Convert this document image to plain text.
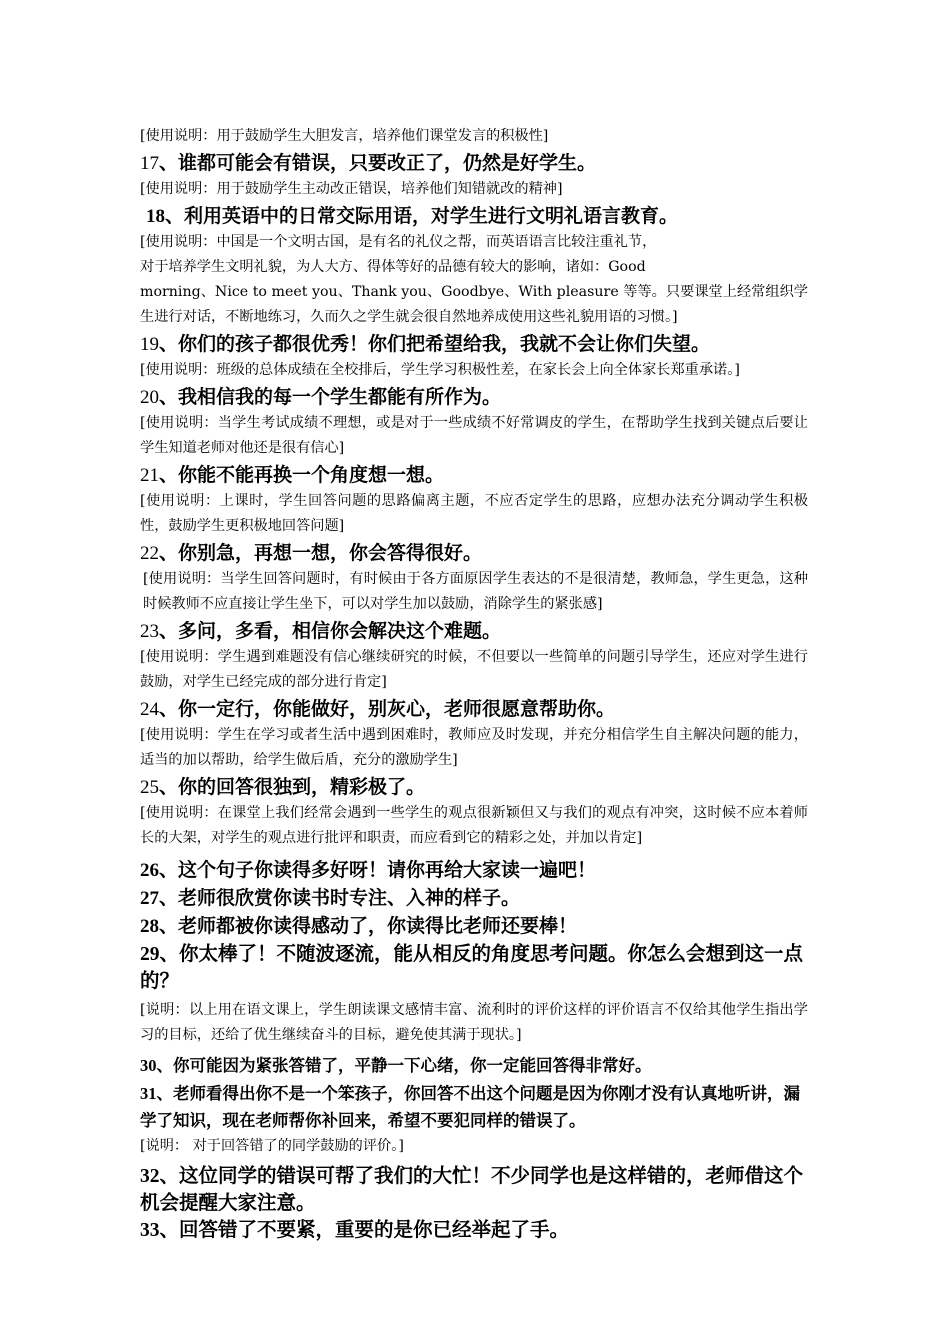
[使用说明：用于鼓励学生大胆发言，培养他们课堂发言的积极性]

17、谁都可能会有错误，只要改正了，仍然是好学生。

[使用说明：用于鼓励学生主动改正错误，培养他们知错就改的精神]

18、利用英语中的日常交际用语，对学生进行文明礼语言教育。

[使用说明：中国是一个文明古国，是有名的礼仪之帮，而英语语言比较注重礼节，

对于培养学生文明礼貌，为人大方、得体等好的品德有较大的影响，诸如：Good

morning、Nice to meet you、Thank you、Goodbye、With pleasure 等等。只要课堂上经常组织学生进行对话，不断地练习，久而久之学生就会很自然地养成使用这些礼貌用语的习惯。]

19、你们的孩子都很优秀！你们把希望给我，我就不会让你们失望。

[使用说明：班级的总体成绩在全校排后，学生学习积极性差，在家长会上向全体家长郑重承诺。]

20、我相信我的每一个学生都能有所作为。

[使用说明：当学生考试成绩不理想，或是对于一些成绩不好常调皮的学生，在帮助学生找到关键点后要让学生知道老师对他还是很有信心]

21、你能不能再换一个角度想一想。

[使用说明：上课时，学生回答问题的思路偏离主题，不应否定学生的思路，应想办法充分调动学生积极性，鼓励学生更积极地回答问题]

22、你别急，再想一想，你会答得很好。

[使用说明：当学生回答问题时，有时候由于各方面原因学生表达的不是很清楚，教师急，学生更急，这种时候教师不应直接让学生坐下，可以对学生加以鼓励，消除学生的紧张感]

23、多问，多看，相信你会解决这个难题。

[使用说明：学生遇到难题没有信心继续研究的时候，不但要以一些简单的问题引导学生，还应对学生进行鼓励，对学生已经完成的部分进行肯定]

24、你一定行，你能做好，别灰心，老师很愿意帮助你。

[使用说明：学生在学习或者生活中遇到困难时，教师应及时发现，并充分相信学生自主解决问题的能力，适当的加以帮助，给学生做后盾，充分的激励学生]

25、你的回答很独到，精彩极了。

[使用说明：在课堂上我们经常会遇到一些学生的观点很新颖但又与我们的观点有冲突，这时候不应本着师长的大架，对学生的观点进行批评和职责，而应看到它的精彩之处，并加以肯定]

26、这个句子你读得多好呀！请你再给大家读一遍吧！
27、老师很欣赏你读书时专注、入神的样子。
28、老师都被你读得感动了，你读得比老师还要棒！
29、你太棒了！不随波逐流，能从相反的角度思考问题。你怎么会想到这一点的？

[说明：以上用在语文课上，学生朗读课文感情丰富、流利时的评价这样的评价语言不仅给其他学生指出学习的目标，还给了优生继续奋斗的目标，避免使其满于现状。]

30、你可能因为紧张答错了，平静一下心绪，你一定能回答得非常好。
31、老师看得出你不是一个笨孩子，你回答不出这个问题是因为你刚才没有认真地听讲，漏学了知识，现在老师帮你补回来，希望不要犯同样的错误了。

[说明： 对于回答错了的同学鼓励的评价。]

32、这位同学的错误可帮了我们的大忙！不少同学也是这样错的，老师借这个机会提醒大家注意。
33、回答错了不要紧，重要的是你已经举起了手。
